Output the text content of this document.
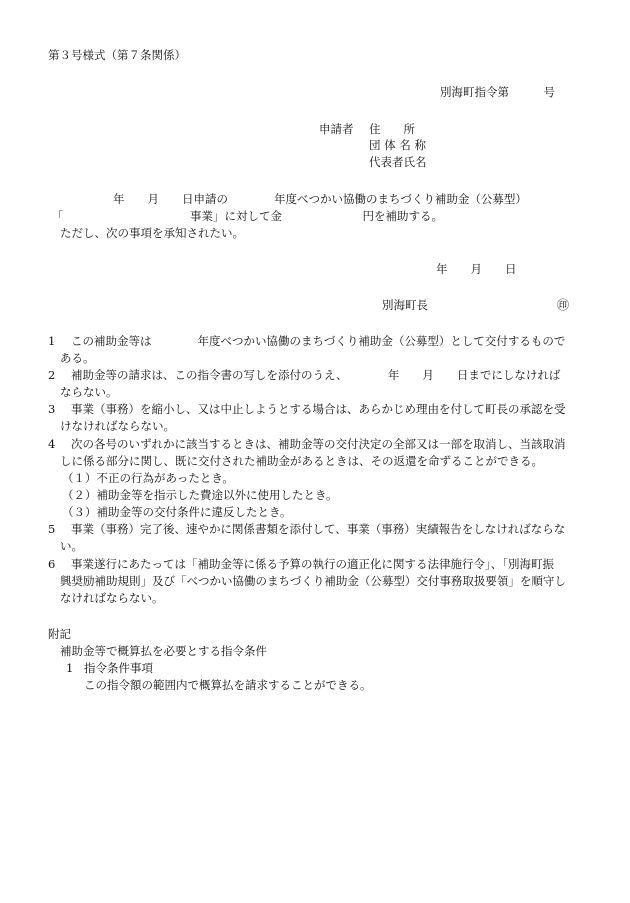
第３号様式（第７条関係）
別海町指令第　　　号
申請者 住　　所
団 体 名 称
代表者氏名
年　　月　　日申請の　　　　年度べつかい協働のまちづくり補助金（公募型）
「　　　　　　　　　　　事業」に対して金　　　　　　　円を補助する。
ただし、次の事項を承知されたい。
年　　月　　日
別海町長	㊞
1 この補助金等は　　　　年度べつかい協働のまちづくり補助金（公募型）として交付するもので
ある。
2 補助金等の請求は、この指令書の写しを添付のうえ、　　　　年　　月　　日までにしなければ
ならない。
3 事業（事務）を縮小し、又は中止しようとする場合は、あらかじめ理由を付して町長の承認を受
けなければならない。
4 次の各号のいずれかに該当するときは、補助金等の交付決定の全部又は一部を取消し、当該取消
しに係る部分に関し、既に交付された補助金があるときは、その返還を命ずることができる。
（１）不正の行為があったとき。
（２）補助金等を指示した費途以外に使用したとき。
（３）補助金等の交付条件に違反したとき。
5 事業（事務）完了後、速やかに関係書類を添付して、事業（事務）実績報告をしなければならな
い。
6 事業遂行にあたっては「補助金等に係る予算の執行の適正化に関する法律施行令」、「別海町振
興奨励補助規則」及び「べつかい協働のまちづくり補助金（公募型）交付事務取扱要領」を順守し
なければならない。
附記
補助金等で概算払を必要とする指令条件
1 指令条件事項
この指令額の範囲内で概算払を請求することができる。
